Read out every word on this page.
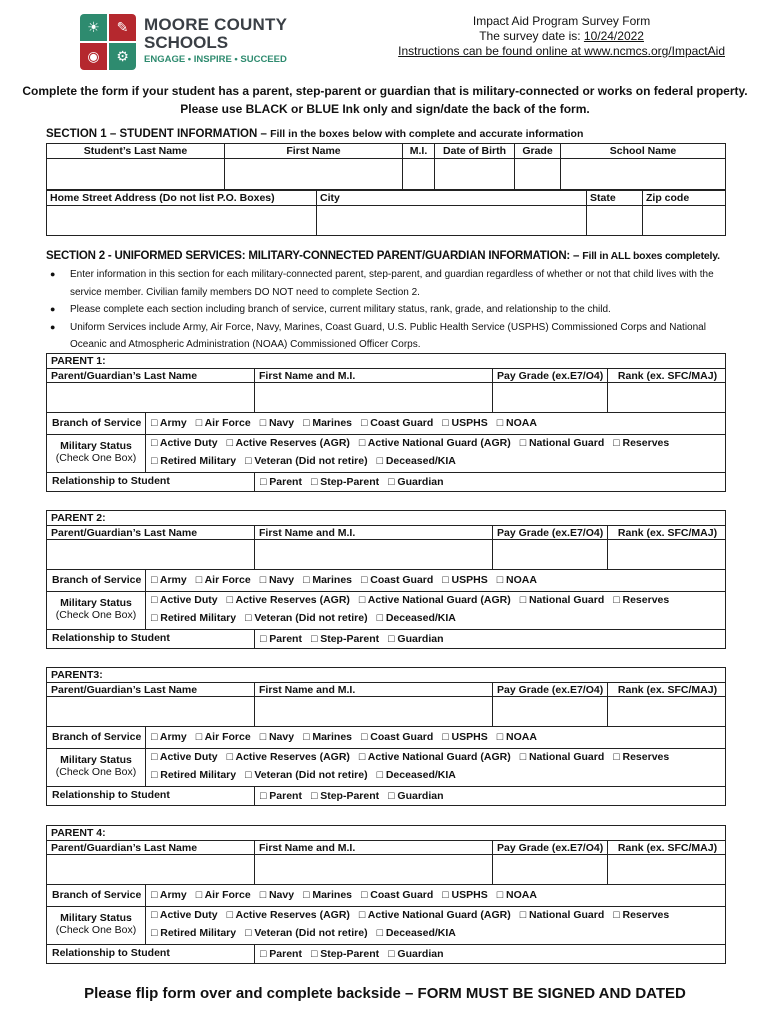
☀	✎
◉	⚙
MOORE COUNTY
SCHOOLS
ENGAGE • INSPIRE • SUCCEED
Impact Aid Program Survey Form
The survey date is: 10/24/2022
Instructions can be found online at www.ncmcs.org/ImpactAid
Complete the form if your student has a parent, step-parent or guardian that is military-connected or works on federal property.
Please use BLACK or BLUE Ink only and sign/date the back of the form.
SECTION 1 – STUDENT INFORMATION – Fill in the boxes below with complete and accurate information
Student’s Last Name	First Name	M.I.	Date of Birth	Grade	School Name

Home Street Address (Do not list P.O. Boxes)	City	State	Zip code

SECTION 2 - UNIFORMED SERVICES: MILITARY-CONNECTED PARENT/GUARDIAN INFORMATION: – Fill in ALL boxes completely.
● Enter information in this section for each military-connected parent, step-parent, and guardian regardless of whether or not that child lives with the service member. Civilian family members DO NOT need to complete Section 2.
● Please complete each section including branch of service, current military status, rank, grade, and relationship to the child.
● Uniform Services include Army, Air Force, Navy, Marines, Coast Guard, U.S. Public Health Service (USPHS) Commissioned Corps and National Oceanic and Atmospheric Administration (NOAA) Commissioned Officer Corps.
PARENT 1:
Parent/Guardian’s Last Name	First Name and M.I.	Pay Grade (ex.E7/O4)	Rank (ex. SFC/MAJ)
Branch of Service □ Army □ Air Force □ Navy □ Marines □ Coast Guard □ USPHS □ NOAA
Military Status
(Check One Box)
□ Active Duty □ Active Reserves (AGR) □ Active National Guard (AGR) □ National Guard □ Reserves
□ Retired Military □ Veteran (Did not retire) □ Deceased/KIA
Relationship to Student	□ Parent □ Step-Parent □ Guardian
PARENT 2:
Parent/Guardian’s Last Name	First Name and M.I.	Pay Grade (ex.E7/O4)	Rank (ex. SFC/MAJ)
Branch of Service □ Army □ Air Force □ Navy □ Marines □ Coast Guard □ USPHS □ NOAA
Military Status
(Check One Box)
□ Active Duty □ Active Reserves (AGR) □ Active National Guard (AGR) □ National Guard □ Reserves
□ Retired Military □ Veteran (Did not retire) □ Deceased/KIA
Relationship to Student	□ Parent □ Step-Parent □ Guardian
PARENT3:
Parent/Guardian’s Last Name	First Name and M.I.	Pay Grade (ex.E7/O4)	Rank (ex. SFC/MAJ)
Branch of Service □ Army □ Air Force □ Navy □ Marines □ Coast Guard □ USPHS □ NOAA
Military Status
(Check One Box)
□ Active Duty □ Active Reserves (AGR) □ Active National Guard (AGR) □ National Guard □ Reserves
□ Retired Military □ Veteran (Did not retire) □ Deceased/KIA
Relationship to Student	□ Parent □ Step-Parent □ Guardian
PARENT 4:
Parent/Guardian’s Last Name	First Name and M.I.	Pay Grade (ex.E7/O4)	Rank (ex. SFC/MAJ)
Branch of Service □ Army □ Air Force □ Navy □ Marines □ Coast Guard □ USPHS □ NOAA
Military Status
(Check One Box)
□ Active Duty □ Active Reserves (AGR) □ Active National Guard (AGR) □ National Guard □ Reserves
□ Retired Military □ Veteran (Did not retire) □ Deceased/KIA
Relationship to Student	□ Parent □ Step-Parent □ Guardian
Please flip form over and complete backside – FORM MUST BE SIGNED AND DATED
